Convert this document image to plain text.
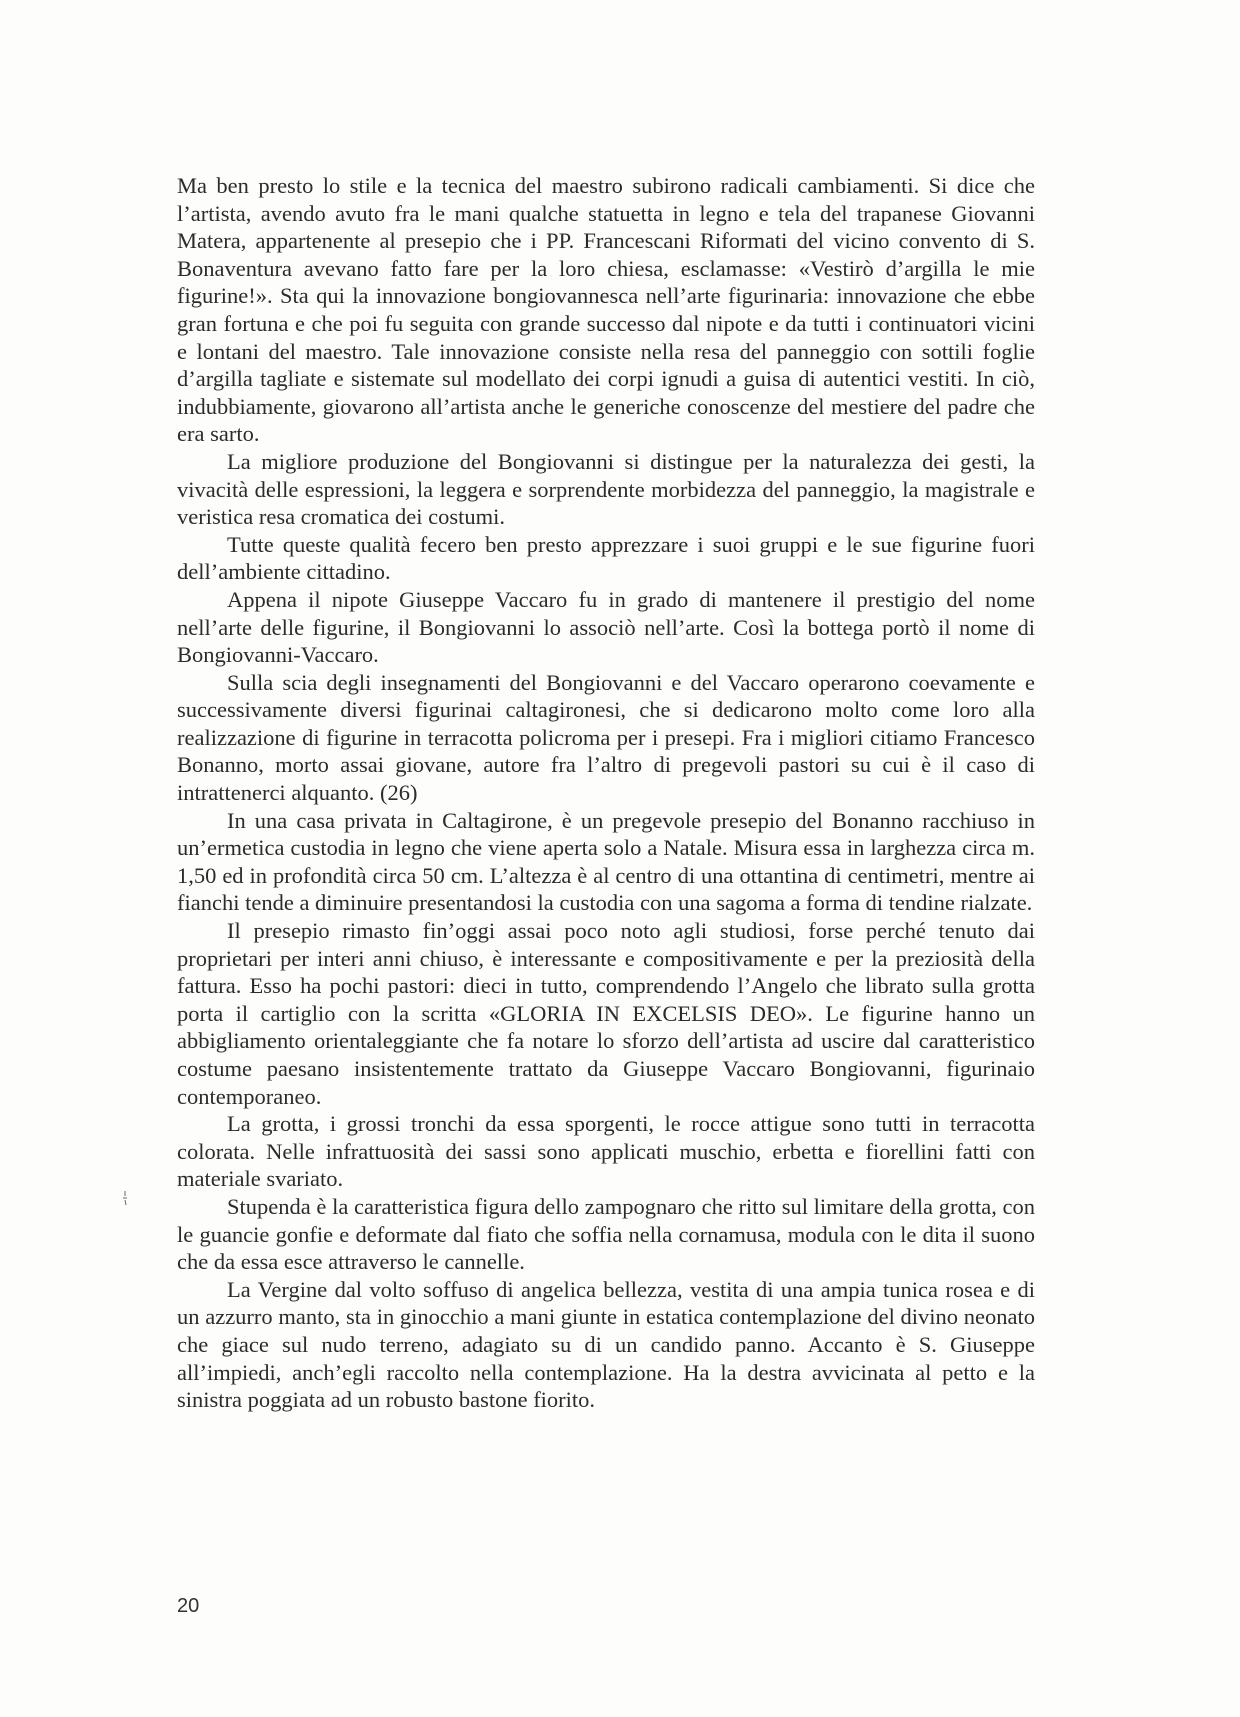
Ma ben presto lo stile e la tecnica del maestro subirono radicali cambiamenti. Si dice che l’artista, avendo avuto fra le mani qualche statuetta in legno e tela del trapanese Giovanni Matera, appartenente al presepio che i PP. Francescani Riformati del vicino convento di S. Bonaventura avevano fatto fare per la loro chiesa, esclamasse: «Vestirò d’argilla le mie figurine!». Sta qui la innovazione bongiovannesca nell’arte figurinaria: innovazione che ebbe gran fortuna e che poi fu seguita con grande successo dal nipote e da tutti i continuatori vicini e lontani del maestro. Tale innovazione consiste nella resa del panneggio con sottili foglie d’argilla tagliate e sistemate sul modellato dei corpi ignudi a guisa di autentici vestiti. In ciò, indubbiamente, giovarono all’artista anche le generiche conoscenze del mestiere del padre che era sarto.

La migliore produzione del Bongiovanni si distingue per la naturalezza dei gesti, la vivacità delle espressioni, la leggera e sorprendente morbidezza del panneggio, la magistrale e veristica resa cromatica dei costumi.

Tutte queste qualità fecero ben presto apprezzare i suoi gruppi e le sue figurine fuori dell’ambiente cittadino.

Appena il nipote Giuseppe Vaccaro fu in grado di mantenere il prestigio del nome nell’arte delle figurine, il Bongiovanni lo associò nell’arte. Così la bottega portò il nome di Bongiovanni-Vaccaro.

Sulla scia degli insegnamenti del Bongiovanni e del Vaccaro operarono coevamente e successivamente diversi figurinai caltagironesi, che si dedicarono molto come loro alla realizzazione di figurine in terracotta policroma per i presepi. Fra i migliori citiamo Francesco Bonanno, morto assai giovane, autore fra l’altro di pregevoli pastori su cui è il caso di intrattenerci alquanto. (26)

In una casa privata in Caltagirone, è un pregevole presepio del Bonanno racchiuso in un’ermetica custodia in legno che viene aperta solo a Natale. Misura essa in larghezza circa m. 1,50 ed in profondità circa 50 cm. L’altezza è al centro di una ottantina di centimetri, mentre ai fianchi tende a diminuire presentandosi la custodia con una sagoma a forma di tendine rialzate.

Il presepio rimasto fin’oggi assai poco noto agli studiosi, forse perché tenuto dai proprietari per interi anni chiuso, è interessante e compositivamente e per la preziosità della fattura. Esso ha pochi pastori: dieci in tutto, comprendendo l’Angelo che librato sulla grotta porta il cartiglio con la scritta «GLORIA IN EXCELSIS DEO». Le figurine hanno un abbigliamento orientaleggiante che fa notare lo sforzo dell’artista ad uscire dal caratteristico costume paesano insistentemente trattato da Giuseppe Vaccaro Bongiovanni, figurinaio contemporaneo.

La grotta, i grossi tronchi da essa sporgenti, le rocce attigue sono tutti in terracotta colorata. Nelle infrattuosità dei sassi sono applicati muschio, erbetta e fiorellini fatti con materiale svariato.

Stupenda è la caratteristica figura dello zampognaro che ritto sul limitare della grotta, con le guancie gonfie e deformate dal fiato che soffia nella cornamusa, modula con le dita il suono che da essa esce attraverso le cannelle.

La Vergine dal volto soffuso di angelica bellezza, vestita di una ampia tunica rosea e di un azzurro manto, sta in ginocchio a mani giunte in estatica contemplazione del divino neonato che giace sul nudo terreno, adagiato su di un candido panno. Accanto è S. Giuseppe all’impiedi, anch’egli raccolto nella contemplazione. Ha la destra avvicinata al petto e la sinistra poggiata ad un robusto bastone fiorito.

20
